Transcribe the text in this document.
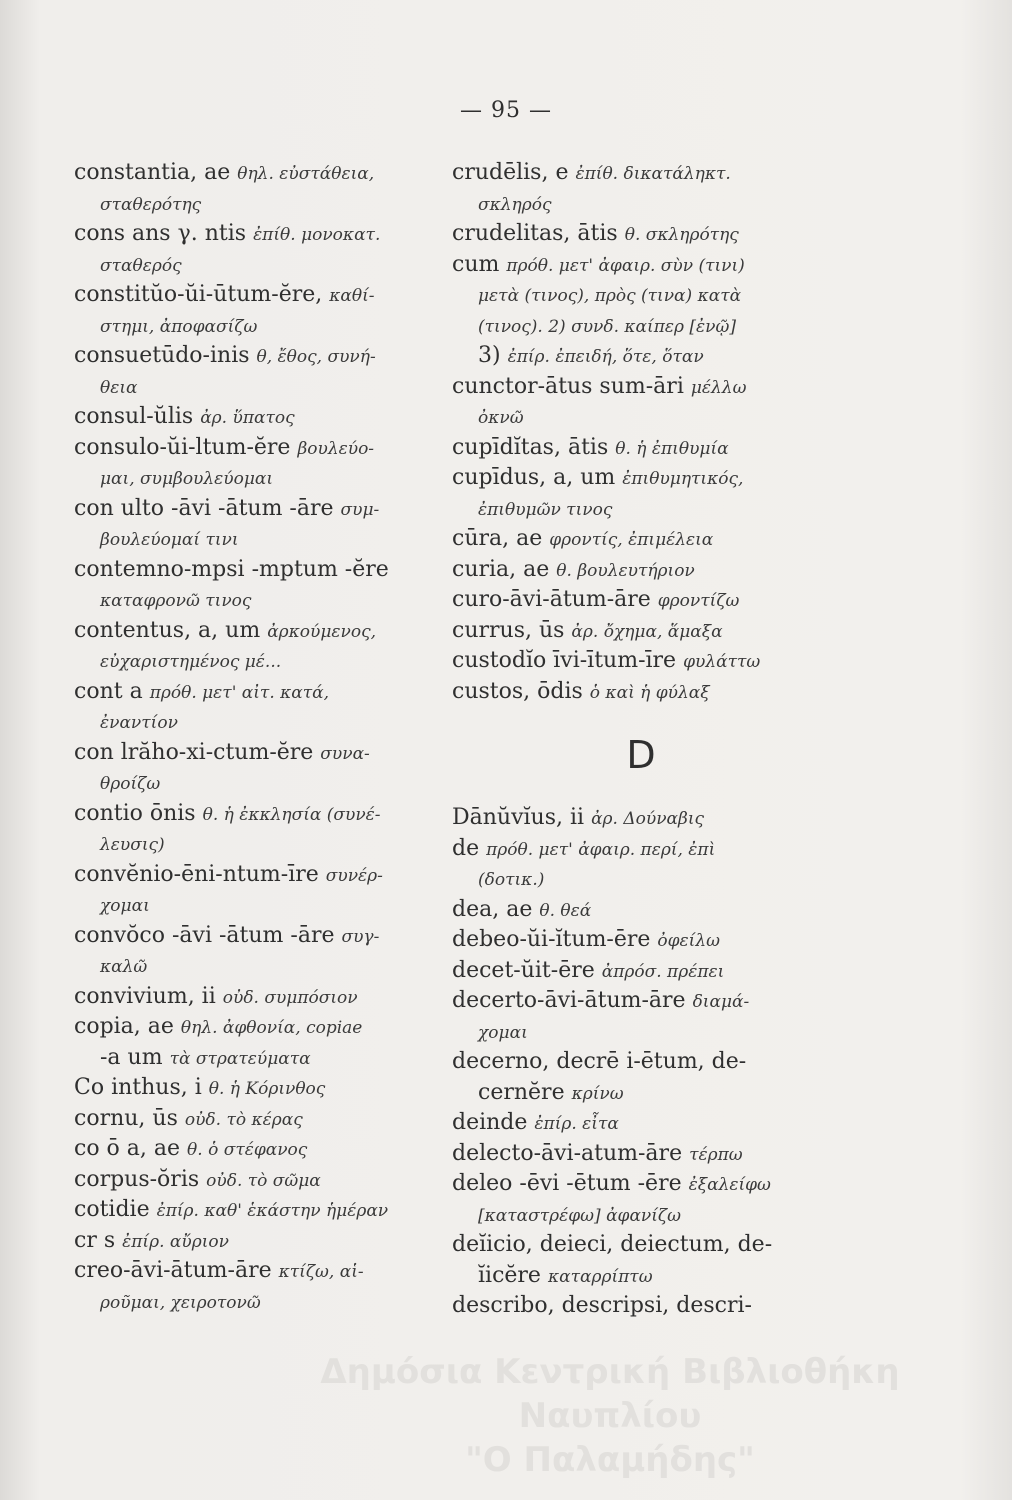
— 95 —
constantia, ae θηλ. εὐστάθεια,
σταθερότης
cons ans γ. ntis ἐπίθ. μονοκατ.
σταθερός
constitŭo-ŭi-ūtum-ĕre, καθί-
στημι, ἀποφασίζω
consuetūdo-inis θ, ἔθος, συνή-
θεια
consul-ŭlis ἀρ. ὕπατος
consulo-ŭi-ltum-ĕre βουλεύο-
μαι, συμβουλεύομαι
con ulto -āvi -ātum -āre συμ-
βουλεύομαί τινι
contemno-mpsi -mptum -ĕre
καταφρονῶ τινος
contentus, a, um ἀρκούμενος,
εὐχαριστημένος μέ...
cont a πρόθ. μετ' αἰτ. κατά,
ἐναντίον
con lrăho-xi-ctum-ĕre συνα-
θροίζω
contio ōnis θ. ἡ ἐκκλησία (συνέ-
λευσις)
convĕnio-ēni-ntum-īre συνέρ-
χομαι
convŏco -āvi -ātum -āre συγ-
καλῶ
convivium, ii οὐδ. συμπόσιον
copia, ae θηλ. ἀφθονία, copiae
-a um τὰ στρατεύματα
Co inthus, i θ. ἡ Κόρινθος
cornu, ūs οὐδ. τὸ κέρας
co ō a, ae θ. ὁ στέφανος
corpus-ŏris οὐδ. τὸ σῶμα
cotidie ἐπίρ. καθ' ἑκάστην ἡμέραν
cr s ἐπίρ. αὔριον
creo-āvi-ātum-āre κτίζω, αἱ-
ροῦμαι, χειροτονῶ
crudēlis, e ἐπίθ. δικατάληκτ.
σκληρός
crudelitas, ātis θ. σκληρότης
cum πρόθ. μετ' ἀφαιρ. σὺν (τινι)
μετὰ (τινος), πρὸς (τινα) κατὰ
(τινος). 2) συνδ. καίπερ [ἐνῷ]
3) ἐπίρ. ἐπειδή, ὅτε, ὅταν
cunctor-ātus sum-āri μέλλω
ὀκνῶ
cupīdĭtas, ātis θ. ἡ ἐπιθυμία
cupīdus, a, um ἐπιθυμητικός,
ἐπιθυμῶν τινος
cūra, ae φροντίς, ἐπιμέλεια
curia, ae θ. βουλευτήριον
curo-āvi-ātum-āre φροντίζω
currus, ūs ἀρ. ὄχημα, ἅμαξα
custodĭo īvi-ītum-īre φυλάττω
custos, ōdis ὁ καὶ ἡ φύλαξ
D
Dānŭvĭus, ii ἀρ. Δούναβις
de πρόθ. μετ' ἀφαιρ. περί, ἐπὶ
(δοτικ.)
dea, ae θ. θεά
debeo-ŭi-ĭtum-ēre ὀφείλω
decet-ŭit-ēre ἀπρόσ. πρέπει
decerto-āvi-ātum-āre διαμά-
χομαι
decerno, decrē i-ētum, de-
cernĕre κρίνω
deinde ἐπίρ. εἶτα
delecto-āvi-atum-āre τέρπω
deleo -ēvi -ētum -ēre ἐξαλείφω
[καταστρέφω] ἀφανίζω
deĭicio, deieci, deiectum, de-
ĭicĕre καταρρίπτω
describo, descripsi, descri-
Δημόσια Κεντρική Βιβλιοθήκη Ναυπλίου
"Ο Παλαμήδης"
